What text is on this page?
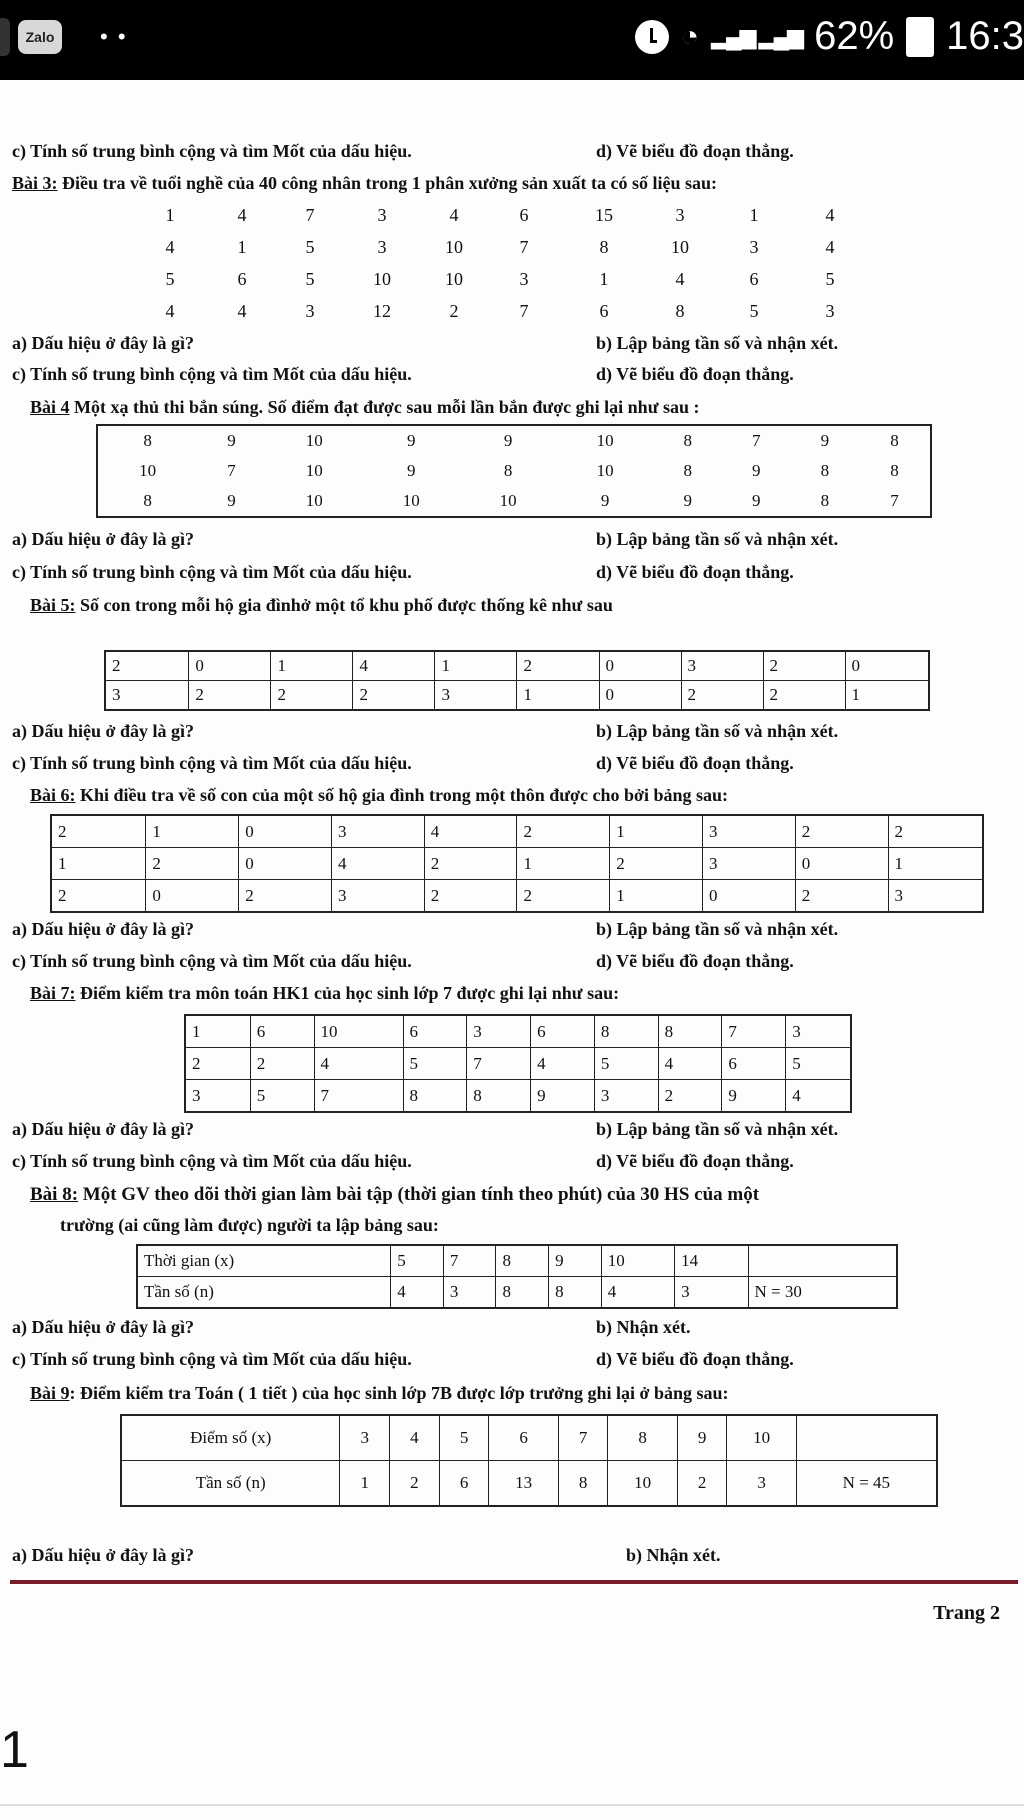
Zalo	• •	◔ ▂▄▆ ▂▄▆ 62% 16:3
c) Tính số trung bình cộng và tìm Mốt của dấu hiệu.	d) Vẽ biểu đồ đoạn thẳng.
Bài 3: Điều tra về tuổi nghề của 40 công nhân trong 1 phân xưởng sản xuất ta có số liệu sau:
1	4	7	3	4	6	15	3	1	4
4	1	5	3	10	7	8	10	3	4
5	6	5	10	10	3	1	4	6	5
4	4	3	12	2	7	6	8	5	3
a) Dấu hiệu ở đây là gì?	b) Lập bảng tần số và nhận xét.
c) Tính số trung bình cộng và tìm Mốt của dấu hiệu.	d) Vẽ biểu đồ đoạn thẳng.
Bài 4 Một xạ thủ thi bắn súng. Số điểm đạt được sau mỗi lần bắn được ghi lại như sau :
8	9	10	9	9	10	8	7	9	8
10	7	10	9	8	10	8	9	8	8
8	9	10	10	10	9	9	9	8	7
a) Dấu hiệu ở đây là gì?	b) Lập bảng tần số và nhận xét.
c) Tính số trung bình cộng và tìm Mốt của dấu hiệu.	d) Vẽ biểu đồ đoạn thẳng.
Bài 5: Số con trong mỗi hộ gia đìnhở một tổ khu phố được thống kê như sau
2	0	1	4	1	2	0	3	2	0
3	2	2	2	3	1	0	2	2	1
a) Dấu hiệu ở đây là gì?	b) Lập bảng tần số và nhận xét.
c) Tính số trung bình cộng và tìm Mốt của dấu hiệu.	d) Vẽ biểu đồ đoạn thẳng.
Bài 6: Khi điều tra về số con của một số hộ gia đình trong một thôn được cho bởi bảng sau:
2	1	0	3	4	2	1	3	2	2
1	2	0	4	2	1	2	3	0	1
2	0	2	3	2	2	1	0	2	3
a) Dấu hiệu ở đây là gì?	b) Lập bảng tần số và nhận xét.
c) Tính số trung bình cộng và tìm Mốt của dấu hiệu.	d) Vẽ biểu đồ đoạn thẳng.
Bài 7: Điểm kiểm tra môn toán HK1 của học sinh lớp 7 được ghi lại như sau:
1	6	10	6	3	6	8	8	7	3
2	2	4	5	7	4	5	4	6	5
3	5	7	8	8	9	3	2	9	4
a) Dấu hiệu ở đây là gì?	b) Lập bảng tần số và nhận xét.
c) Tính số trung bình cộng và tìm Mốt của dấu hiệu.	d) Vẽ biểu đồ đoạn thẳng.
Bài 8: Một GV theo dõi thời gian làm bài tập (thời gian tính theo phút) của 30 HS của một
trường (ai cũng làm được) người ta lập bảng sau:
Thời gian (x)	5	7	8	9	10	14	
Tần số (n)	4	3	8	8	4	3	N = 30
a) Dấu hiệu ở đây là gì?	b) Nhận xét.
c) Tính số trung bình cộng và tìm Mốt của dấu hiệu.	d) Vẽ biểu đồ đoạn thẳng.
Bài 9: Điểm kiểm tra Toán ( 1 tiết ) của học sinh lớp 7B được lớp trưởng ghi lại ở bảng sau:
Điểm số (x)	3	4	5	6	7	8	9	10	
Tần số (n)	1	2	6	13	8	10	2	3	N = 45
a) Dấu hiệu ở đây là gì?	b) Nhận xét.
Trang 2
1
